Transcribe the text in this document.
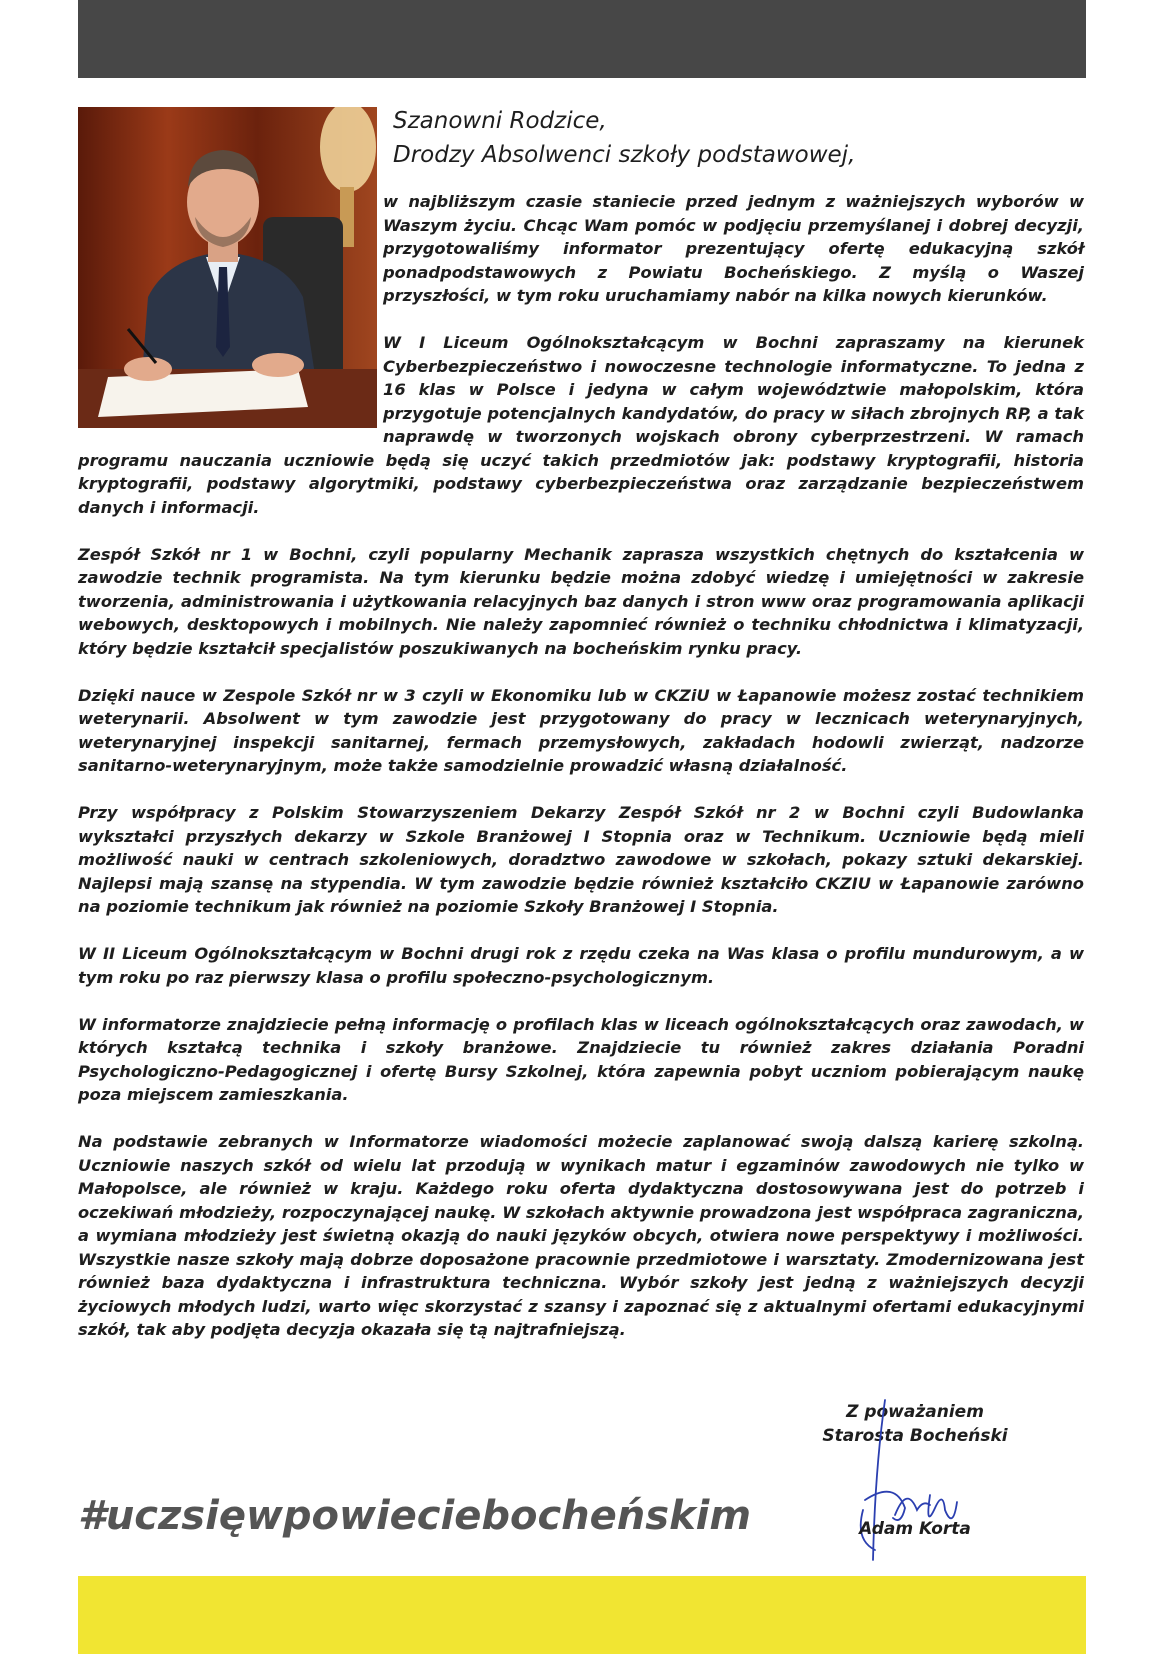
Szanowni Rodzice,
Drodzy Absolwenci szkoły podstawowej,

w najbliższym czasie staniecie przed jednym z ważniejszych wyborów w Waszym życiu. Chcąc Wam pomóc w podjęciu przemyślanej i dobrej decyzji, przygotowaliśmy informator prezentujący ofertę edukacyjną szkół ponadpodstawowych z Powiatu Bocheńskiego. Z myślą o Waszej przyszłości, w tym roku uruchamiamy nabór na kilka nowych kierunków.

W I Liceum Ogólnokształcącym w Bochni zapraszamy na kierunek Cyberbezpieczeństwo i nowoczesne technologie informatyczne. To jedna z 16 klas w Polsce i jedyna w całym województwie małopolskim, która przygotuje potencjalnych kandydatów, do pracy w siłach zbrojnych RP, a tak naprawdę w tworzonych wojskach obrony cyberprzestrzeni. W ramach programu nauczania uczniowie będą się uczyć takich przedmiotów jak: podstawy kryptografii, historia kryptografii, podstawy algorytmiki, podstawy cyberbezpieczeństwa oraz zarządzanie bezpieczeństwem danych i informacji.

Zespół Szkół nr 1 w Bochni, czyli popularny Mechanik zaprasza wszystkich chętnych do kształcenia w zawodzie technik programista. Na tym kierunku będzie można zdobyć wiedzę i umiejętności w zakresie tworzenia, administrowania i użytkowania relacyjnych baz danych i stron www oraz programowania aplikacji webowych, desktopowych i mobilnych. Nie należy zapomnieć również o techniku chłodnictwa i klimatyzacji, który będzie kształcił specjalistów poszukiwanych na bocheńskim rynku pracy.

Dzięki nauce w Zespole Szkół nr w 3 czyli w Ekonomiku lub w CKZiU w Łapanowie możesz zostać technikiem weterynarii. Absolwent w tym zawodzie jest przygotowany do pracy w lecznicach weterynaryjnych, weterynaryjnej inspekcji sanitarnej, fermach przemysłowych, zakładach hodowli zwierząt, nadzorze sanitarno-weterynaryjnym, może także samodzielnie prowadzić własną działalność.

Przy współpracy z Polskim Stowarzyszeniem Dekarzy Zespół Szkół nr 2 w Bochni czyli Budowlanka wykształci przyszłych dekarzy w Szkole Branżowej I Stopnia oraz w Technikum. Uczniowie będą mieli możliwość nauki w centrach szkoleniowych, doradztwo zawodowe w szkołach, pokazy sztuki dekarskiej. Najlepsi mają szansę na stypendia. W tym zawodzie będzie również kształciło CKZIU w Łapanowie zarówno na poziomie technikum jak również na poziomie Szkoły Branżowej I Stopnia.

W II Liceum Ogólnokształcącym w Bochni drugi rok z rzędu czeka na Was klasa o profilu mundurowym, a w tym roku po raz pierwszy klasa o profilu społeczno-psychologicznym.

W informatorze znajdziecie pełną informację o profilach klas w liceach ogólnokształcących oraz zawodach, w których kształcą technika i szkoły branżowe. Znajdziecie tu również zakres działania Poradni Psychologiczno-Pedagogicznej i ofertę Bursy Szkolnej, która zapewnia pobyt uczniom pobierającym naukę poza miejscem zamieszkania.

Na podstawie zebranych w Informatorze wiadomości możecie zaplanować swoją dalszą karierę szkolną. Uczniowie naszych szkół od wielu lat przodują w wynikach matur i egzaminów zawodowych nie tylko w Małopolsce, ale również w kraju. Każdego roku oferta dydaktyczna dostosowywana jest do potrzeb i oczekiwań młodzieży, rozpoczynającej naukę. W szkołach aktywnie prowadzona jest współpraca zagraniczna, a wymiana młodzieży jest świetną okazją do nauki języków obcych, otwiera nowe perspektywy i możliwości. Wszystkie nasze szkoły mają dobrze doposażone pracownie przedmiotowe i warsztaty. Zmodernizowana jest również baza dydaktyczna i infrastruktura techniczna. Wybór szkoły jest jedną z ważniejszych decyzji życiowych młodych ludzi, warto więc skorzystać z szansy i zapoznać się z aktualnymi ofertami edukacyjnymi szkół, tak aby podjęta decyzja okazała się tą najtrafniejszą.

Z poważaniem
Starosta Bocheński
Adam Korta
#uczsięwpowieciebocheńskim
